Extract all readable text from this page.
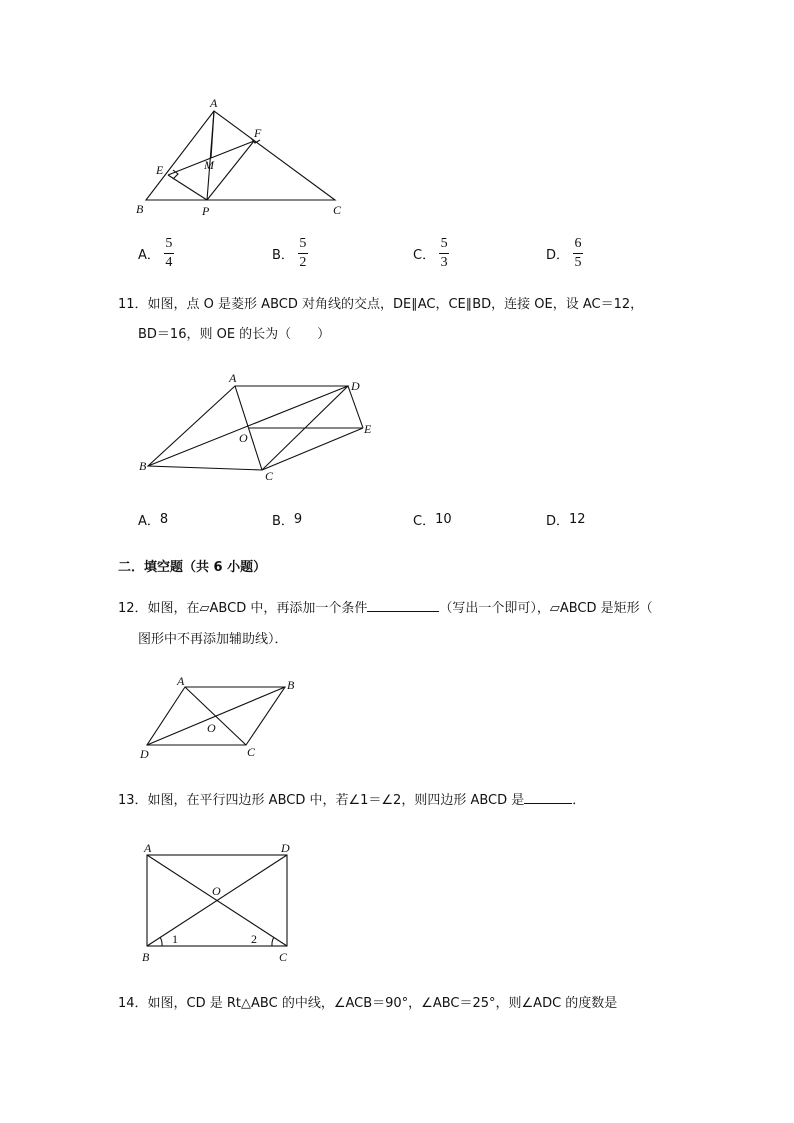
A
F
M
E
B	P	C
A． $\frac{5}{4}$	B． $\frac{5}{2}$	C． $\frac{5}{3}$	D． $\frac{6}{5}$
11．如图，点 O 是菱形 ABCD 对角线的交点，DE∥AC，CE∥BD，连接 OE，设 AC＝12，
BD＝16，则 OE 的长为（　　）
A
D
O
E
B
C
A． 8	B． 9	C． 10	D． 12
二．填空题（共 6 小题）
12．如图，在▱ABCD 中，再添加一个条件	（写出一个即可），▱ABCD 是矩形（
图形中不再添加辅助线）．
A	B
O
D	C
13．如图，在平行四边形 ABCD 中，若∠1＝∠2，则四边形 ABCD 是	．
A	D
O
B	C
1	2
14．如图，CD 是 Rt△ABC 的中线，∠ACB＝90°，∠ABC＝25°，则∠ADC 的度数是
